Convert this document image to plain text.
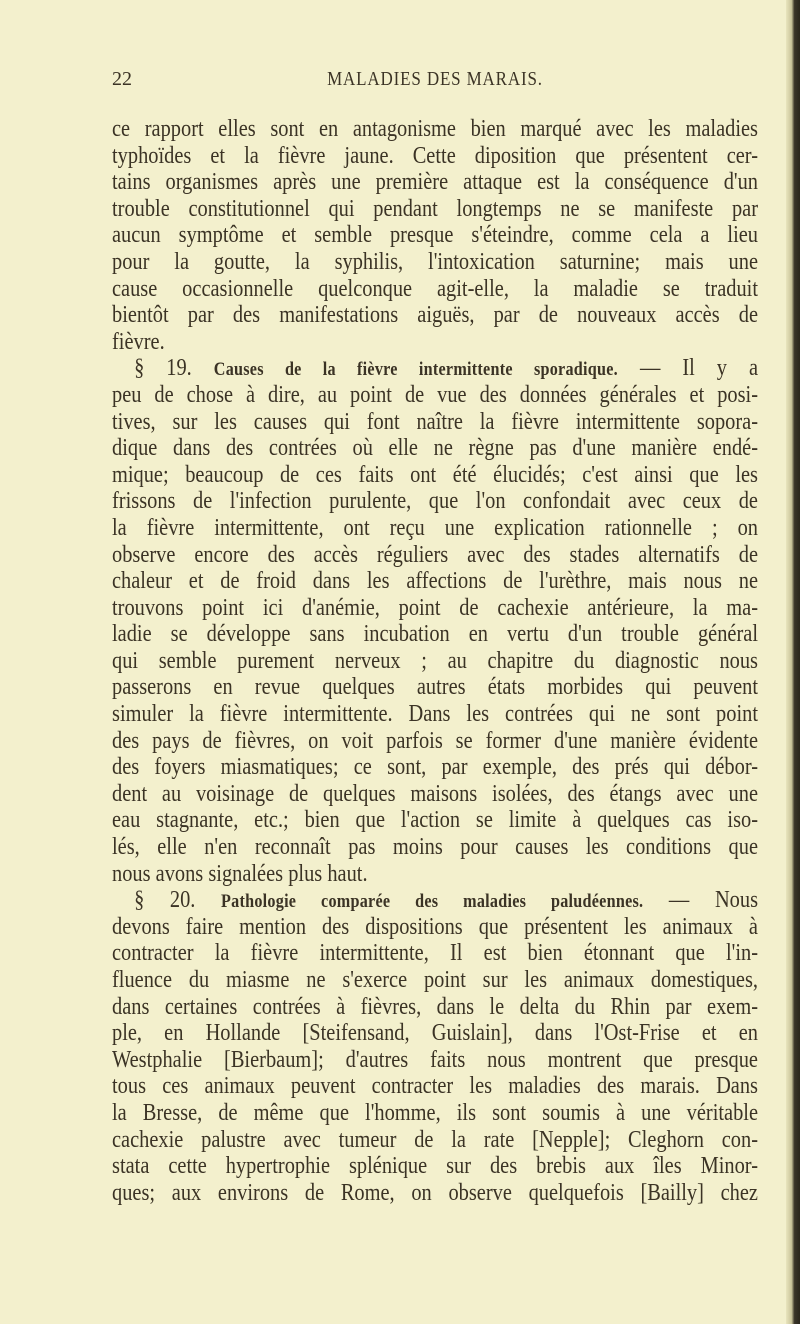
22	MALADIES DES MARAIS.
ce rapport elles sont en antagonisme bien marqué avec les maladies
typhoïdes et la fièvre jaune. Cette diposition que présentent cer-
tains organismes après une première attaque est la conséquence d'un
trouble constitutionnel qui pendant longtemps ne se manifeste par
aucun symptôme et semble presque s'éteindre, comme cela a lieu
pour la goutte, la syphilis, l'intoxication saturnine; mais une
cause occasionnelle quelconque agit-elle, la maladie se traduit
bientôt par des manifestations aiguës, par de nouveaux accès de
fièvre.
§ 19. Causes de la fièvre intermittente sporadique. — Il y a
peu de chose à dire, au point de vue des données générales et posi-
tives, sur les causes qui font naître la fièvre intermittente sopora-
dique dans des contrées où elle ne règne pas d'une manière endé-
mique; beaucoup de ces faits ont été élucidés; c'est ainsi que les
frissons de l'infection purulente, que l'on confondait avec ceux de
la fièvre intermittente, ont reçu une explication rationnelle ; on
observe encore des accès réguliers avec des stades alternatifs de
chaleur et de froid dans les affections de l'urèthre, mais nous ne
trouvons point ici d'anémie, point de cachexie antérieure, la ma-
ladie se développe sans incubation en vertu d'un trouble général
qui semble purement nerveux ; au chapitre du diagnostic nous
passerons en revue quelques autres états morbides qui peuvent
simuler la fièvre intermittente. Dans les contrées qui ne sont point
des pays de fièvres, on voit parfois se former d'une manière évidente
des foyers miasmatiques; ce sont, par exemple, des prés qui débor-
dent au voisinage de quelques maisons isolées, des étangs avec une
eau stagnante, etc.; bien que l'action se limite à quelques cas iso-
lés, elle n'en reconnaît pas moins pour causes les conditions que
nous avons signalées plus haut.
§ 20. Pathologie comparée des maladies paludéennes. — Nous
devons faire mention des dispositions que présentent les animaux à
contracter la fièvre intermittente, Il est bien étonnant que l'in-
fluence du miasme ne s'exerce point sur les animaux domestiques,
dans certaines contrées à fièvres, dans le delta du Rhin par exem-
ple, en Hollande [Steifensand, Guislain], dans l'Ost-Frise et en
Westphalie [Bierbaum]; d'autres faits nous montrent que presque
tous ces animaux peuvent contracter les maladies des marais. Dans
la Bresse, de même que l'homme, ils sont soumis à une véritable
cachexie palustre avec tumeur de la rate [Nepple]; Cleghorn con-
stata cette hypertrophie splénique sur des brebis aux îles Minor-
ques; aux environs de Rome, on observe quelquefois [Bailly] chez
